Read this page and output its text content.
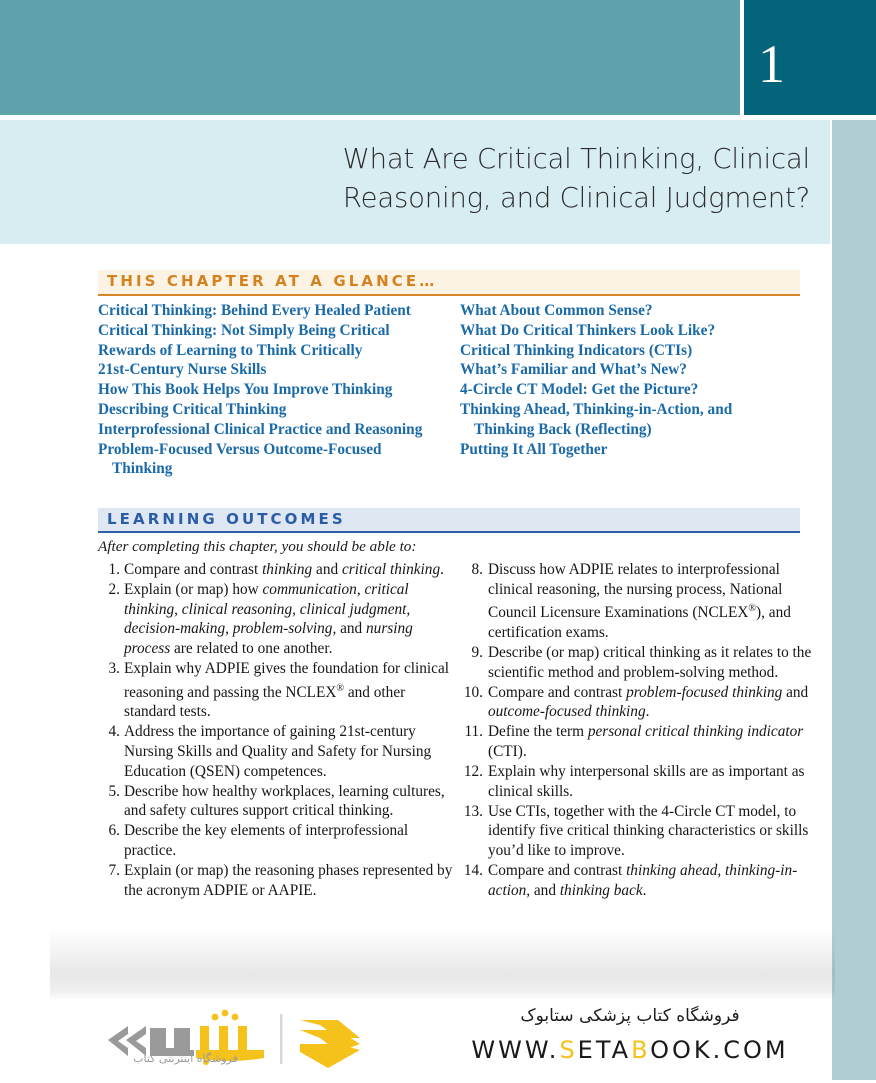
1
What Are Critical Thinking, Clinical
Reasoning, and Clinical Judgment?
THIS CHAPTER AT A GLANCE…
Critical Thinking: Behind Every Healed Patient
Critical Thinking: Not Simply Being Critical
Rewards of Learning to Think Critically
21st-Century Nurse Skills
How This Book Helps You Improve Thinking
Describing Critical Thinking
Interprofessional Clinical Practice and Reasoning
Problem-Focused Versus Outcome-Focused
Thinking
What About Common Sense?
What Do Critical Thinkers Look Like?
Critical Thinking Indicators (CTIs)
What’s Familiar and What’s New?
4-Circle CT Model: Get the Picture?
Thinking Ahead, Thinking-in-Action, and
Thinking Back (Reflecting)
Putting It All Together
LEARNING OUTCOMES
After completing this chapter, you should be able to:
1. Compare and contrast thinking and critical thinking.
2. Explain (or map) how communication, critical thinking, clinical reasoning, clinical judgment, decision-making, problem-solving, and nursing process are related to one another.
3. Explain why ADPIE gives the foundation for clinical reasoning and passing the NCLEX® and other standard tests.
4. Address the importance of gaining 21st-century Nursing Skills and Quality and Safety for Nursing Education (QSEN) competences.
5. Describe how healthy workplaces, learning cultures, and safety cultures support critical thinking.
6. Describe the key elements of interprofessional practice.
7. Explain (or map) the reasoning phases represented by the acronym ADPIE or AAPIE.
8. Discuss how ADPIE relates to interprofessional clinical reasoning, the nursing process, National Council Licensure Examinations (NCLEX®), and certification exams.
9. Describe (or map) critical thinking as it relates to the scientific method and problem-solving method.
10. Compare and contrast problem-focused thinking and outcome-focused thinking.
11. Define the term personal critical thinking indicator (CTI).
12. Explain why interpersonal skills are as important as clinical skills.
13. Use CTIs, together with the 4-Circle CT model, to identify five critical thinking characteristics or skills you’d like to improve.
14. Compare and contrast thinking ahead, thinking-in-action, and thinking back.
فروشگاه اینترنتی کتاب
فروشگاه کتاب پزشکی ستابوک
WWW.SETABOOK.COM
